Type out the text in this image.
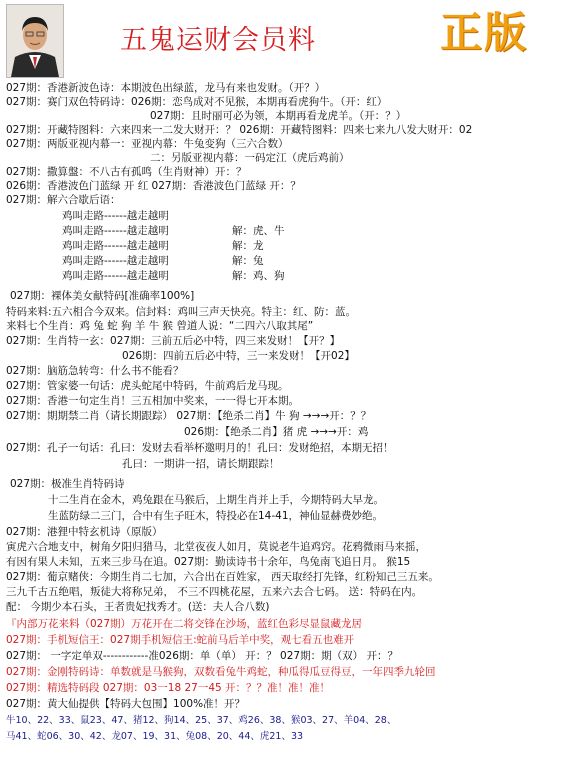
五鬼运财会员料	正版
027期：香港新波色诗：本期波色出绿蓝，龙马有来也发财。（开？）
027期：赛门双色特码诗：026期：恋鸟成对不见猴，本期再看虎狗牛。（开：红）
027期：且时丽可必为领，本期再看龙虎羊。（开：？）
027期：开藏特图料：六来四来一二发大财开：？ 026期：开藏特图料：四来七来九八发大财开：02
027期：两版亚视内幕一：亚视内幕：牛兔变狗（三六合数）
二：另版亚视内幕：一码定江（虎后鸡前）
027期：撒算盤：不八古有孤鸣（生肖财神）开：？
026期：香港波色门蓝绿 开 红 027期：香港波色门蓝绿 开：？
027期：解六合歇后语：
鸡叫走路------越走越明
鸡叫走路------越走越明	解：虎、牛
鸡叫走路------越走越明	解：龙
鸡叫走路------越走越明	解：兔
鸡叫走路------越走越明	解：鸡、狗
027期：裸体美女献特码[准确率100%]
特码来料:五六相合今双来。信封料：鸡叫三声天快亮。特主：红、防：蓝。
来料七个生肖：鸡 兔 蛇 狗 羊 牛 猴 曾道人说：“二四六八取其尾”
027期：生肖特一玄：027期：三前五后必中特，四三来发财！【开？】
026期：四前五后必中特，三一来发财！【开02】
027期：脑筋急转弯：什么书不能看？
027期：管家婆一句话：虎头蛇尾中特码，牛前鸡后龙马现。
027期：香港一句定生肖！三五相加中奖来，一一得七开本期。
027期：期期禁二肖（请长期跟踪） 027期：【绝杀二肖】牛 狗 →→→开：？？
026期：【绝杀二肖】猪 虎 →→→开：鸡
027期：孔子一句话：孔曰：发财去看举杯邀明月的！孔曰：发财绝招，本期无招！
孔曰：一期讲一招，请长期跟踪！
027期：极准生肖特码诗
十二生肖在金木，鸡兔跟在马猴后，上期生肖并上手，今期特码大早龙。
生蓝防绿二三门，合中有生子旺木，特投必在14-41，神仙显赫费妙绝。
027期：港狸中特玄机诗（原版）
寅虎六合地支中，树角夕阳归猎马，北堂夜夜人如月，莫说老牛追鸡窍。花鸦微雨马来摇，
有因有果人未知，五来三步马在追。027期：勤读诗书十余年，鸟兔南飞追日月。 猴15
027期：葡京赌侠：今期生肖二七加，六合出在百姓家， 西天取经打先锋，红粉知己三五来。
三九千古五绝唱，叛徒大将称兄弟， 不三不四桃花屋，五来六去合七码。 送：特码在内。
配： 今期少本石头，王者贵妃找秀才。(送：夫人合八数)
『内部万花来料（027期）万花开在二将交锋在沙场，蓝红色彩尽显鼠藏龙居
027期：手机短信王：027期手机短信王:蛇前马后羊中奖，观七看五也难开
027期： 一字定单双------------准026期：单（单） 开：？ 027期：期（双） 开：？
027期：金刚特码诗：单数就是马猴狗，双数看兔牛鸡蛇，种瓜得瓜豆得豆，一年四季九轮回
027期：精选特码段 027期：03一18 27一45 开：？？准！准！准！
027期：黄大仙提供【特码大包围】100%准！开？
牛10、22、33、鼠23、47、猪12、狗14、25、37、鸡26、38、猴03、27、羊04、28、
马41、蛇06、30、42、龙07、19、31、兔08、20、44、虎21、33
